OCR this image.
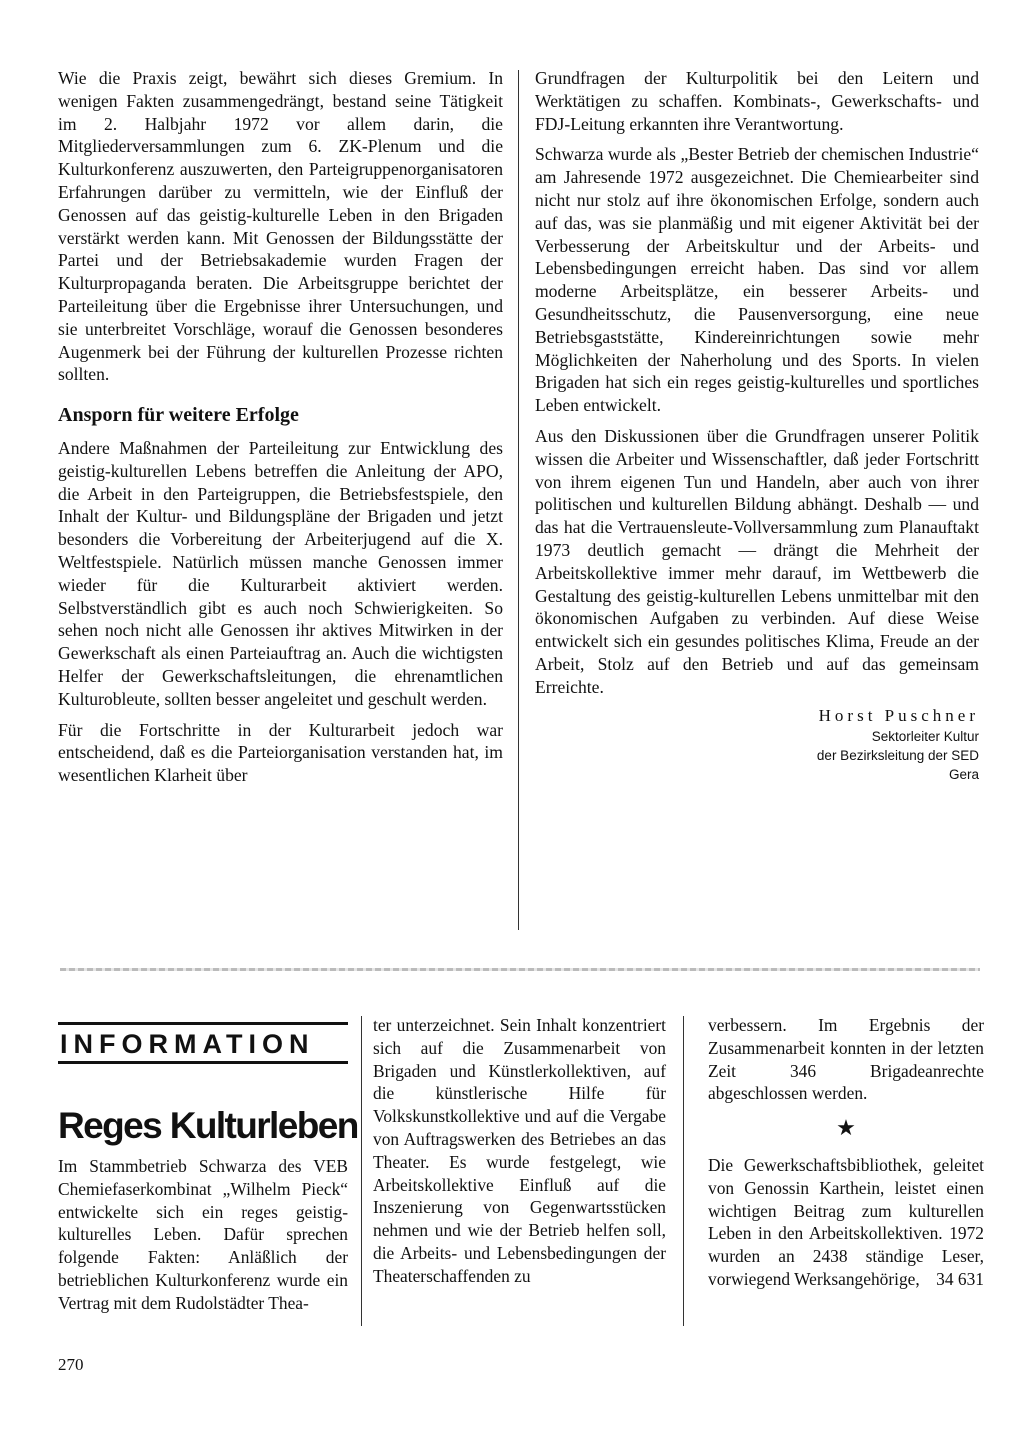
Wie die Praxis zeigt, bewährt sich dieses Gremium. In wenigen Fakten zusammengedrängt, bestand seine Tätigkeit im 2. Halbjahr 1972 vor allem darin, die Mitgliederversammlungen zum 6. ZK-Plenum und die Kulturkonferenz auszuwerten, den Parteigruppenorganisatoren Erfahrungen darüber zu vermitteln, wie der Einfluß der Genossen auf das geistig-kulturelle Leben in den Brigaden verstärkt werden kann. Mit Genossen der Bildungsstätte der Partei und der Betriebsakademie wurden Fragen der Kulturpropaganda beraten. Die Arbeitsgruppe berichtet der Parteileitung über die Ergebnisse ihrer Untersuchungen, und sie unterbreitet Vorschläge, worauf die Genossen besonderes Augenmerk bei der Führung der kulturellen Prozesse richten sollten.

Ansporn für weitere Erfolge

Andere Maßnahmen der Parteileitung zur Entwicklung des geistig-kulturellen Lebens betreffen die Anleitung der APO, die Arbeit in den Parteigruppen, die Betriebsfestspiele, den Inhalt der Kultur- und Bildungspläne der Brigaden und jetzt besonders die Vorbereitung der Arbeiterjugend auf die X. Weltfestspiele. Natürlich müssen manche Genossen immer wieder für die Kulturarbeit aktiviert werden. Selbstverständlich gibt es auch noch Schwierigkeiten. So sehen noch nicht alle Genossen ihr aktives Mitwirken in der Gewerkschaft als einen Parteiauftrag an. Auch die wichtigsten Helfer der Gewerkschaftsleitungen, die ehrenamtlichen Kulturobleute, sollten besser angeleitet und geschult werden.

Für die Fortschritte in der Kulturarbeit jedoch war entscheidend, daß es die Parteiorganisation verstanden hat, im wesentlichen Klarheit über

Grundfragen der Kulturpolitik bei den Leitern und Werktätigen zu schaffen. Kombinats-, Gewerkschafts- und FDJ-Leitung erkannten ihre Verantwortung.

Schwarza wurde als „Bester Betrieb der chemischen Industrie“ am Jahresende 1972 ausgezeichnet. Die Chemiearbeiter sind nicht nur stolz auf ihre ökonomischen Erfolge, sondern auch auf das, was sie planmäßig und mit eigener Aktivität bei der Verbesserung der Arbeitskultur und der Arbeits- und Lebensbedingungen erreicht haben. Das sind vor allem moderne Arbeitsplätze, ein besserer Arbeits- und Gesundheitsschutz, die Pausenversorgung, eine neue Betriebsgaststätte, Kindereinrichtungen sowie mehr Möglichkeiten der Naherholung und des Sports. In vielen Brigaden hat sich ein reges geistig-kulturelles und sportliches Leben entwickelt.

Aus den Diskussionen über die Grundfragen unserer Politik wissen die Arbeiter und Wissenschaftler, daß jeder Fortschritt von ihrem eigenen Tun und Handeln, aber auch von ihrer politischen und kulturellen Bildung abhängt. Deshalb — und das hat die Vertrauensleute-Vollversammlung zum Planauftakt 1973 deutlich gemacht — drängt die Mehrheit der Arbeitskollektive immer mehr darauf, im Wettbewerb die Gestaltung des geistig-kulturellen Lebens unmittelbar mit den ökonomischen Aufgaben zu verbinden. Auf diese Weise entwickelt sich ein gesundes politisches Klima, Freude an der Arbeit, Stolz auf den Betrieb und auf das gemeinsam Erreichte.

Horst Puschner
Sektorleiter Kultur
der Bezirksleitung der SED
Gera
INFORMATION
Reges Kulturleben

Im Stammbetrieb Schwarza des VEB Chemiefaserkombinat „Wilhelm Pieck“ entwickelte sich ein reges geistig-kulturelles Leben. Dafür sprechen folgende Fakten: Anläßlich der betrieblichen Kulturkonferenz wurde ein Vertrag mit dem Rudolstädter Thea-

ter unterzeichnet. Sein Inhalt konzentriert sich auf die Zusammenarbeit von Brigaden und Künstlerkollektiven, auf die künstlerische Hilfe für Volkskunstkollektive und auf die Vergabe von Auftragswerken des Betriebes an das Theater. Es wurde festgelegt, wie Arbeitskollektive Einfluß auf die Inszenierung von Gegenwartsstücken nehmen und wie der Betrieb helfen soll, die Arbeits- und Lebensbedingungen der Theaterschaffenden zu

verbessern. Im Ergebnis der Zusammenarbeit konnten in der letzten Zeit 346 Brigadeanrechte abgeschlossen werden.

★

Die Gewerkschaftsbibliothek, geleitet von Genossin Karthein, leistet einen wichtigen Beitrag zum kulturellen Leben in den Arbeitskollektiven. 1972 wurden an 2438 ständige Leser, vorwiegend Werksangehörige, 34 631
270
